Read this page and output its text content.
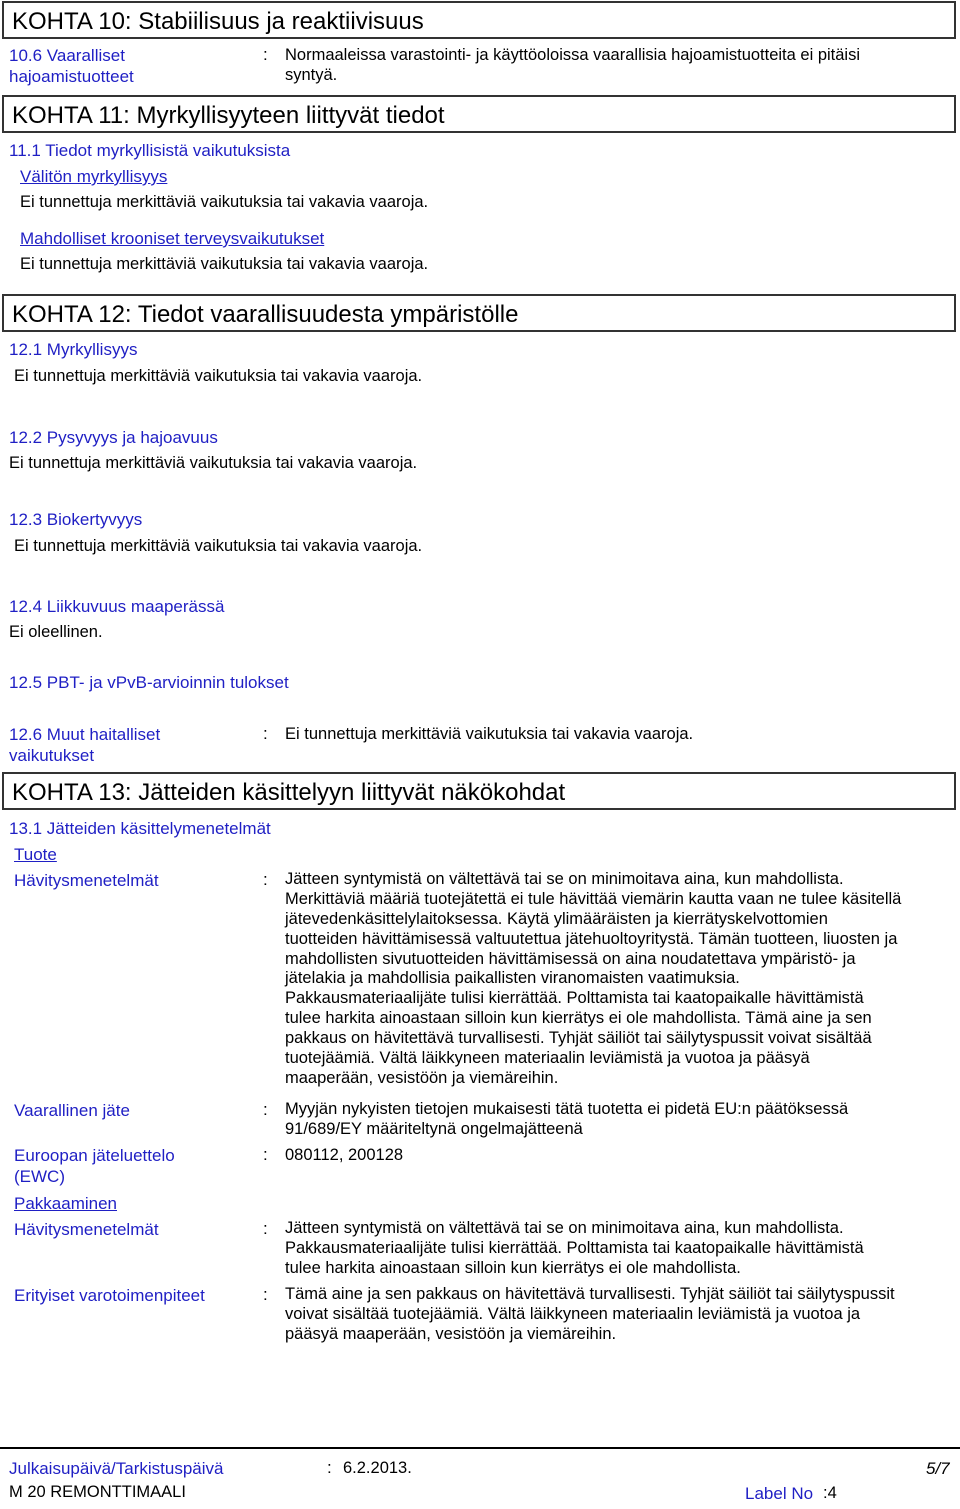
KOHTA 10: Stabiilisuus ja reaktiivisuus
10.6 Vaaralliset
hajoamistuotteet
: Normaaleissa varastointi- ja käyttöoloissa vaarallisia hajoamistuotteita ei pitäisi
syntyä.
KOHTA 11: Myrkyllisyyteen liittyvät tiedot
11.1 Tiedot myrkyllisistä vaikutuksista
Välitön myrkyllisyys
Ei tunnettuja merkittäviä vaikutuksia tai vakavia vaaroja.
Mahdolliset krooniset terveysvaikutukset
Ei tunnettuja merkittäviä vaikutuksia tai vakavia vaaroja.
KOHTA 12: Tiedot vaarallisuudesta ympäristölle
12.1 Myrkyllisyys
Ei tunnettuja merkittäviä vaikutuksia tai vakavia vaaroja.
12.2 Pysyvyys ja hajoavuus
Ei tunnettuja merkittäviä vaikutuksia tai vakavia vaaroja.
12.3 Biokertyvyys
Ei tunnettuja merkittäviä vaikutuksia tai vakavia vaaroja.
12.4 Liikkuvuus maaperässä
Ei oleellinen.
12.5 PBT- ja vPvB-arvioinnin tulokset
12.6 Muut haitalliset
vaikutukset
: Ei tunnettuja merkittäviä vaikutuksia tai vakavia vaaroja.
KOHTA 13: Jätteiden käsittelyyn liittyvät näkökohdat
13.1 Jätteiden käsittelymenetelmät
Tuote
Hävitysmenetelmät	: Jätteen syntymistä on vältettävä tai se on minimoitava aina, kun mahdollista.
Merkittäviä määriä tuotejätettä ei tule hävittää viemärin kautta vaan ne tulee käsitellä
jätevedenkäsittelylaitoksessa. Käytä ylimääräisten ja kierrätyskelvottomien
tuotteiden hävittämisessä valtuutettua jätehuoltoyritystä. Tämän tuotteen, liuosten ja
mahdollisten sivutuotteiden hävittämisessä on aina noudatettava ympäristö- ja
jätelakia ja mahdollisia paikallisten viranomaisten vaatimuksia.
Pakkausmateriaalijäte tulisi kierrättää. Polttamista tai kaatopaikalle hävittämistä
tulee harkita ainoastaan silloin kun kierrätys ei ole mahdollista. Tämä aine ja sen
pakkaus on hävitettävä turvallisesti. Tyhjät säiliöt tai säilytyspussit voivat sisältää
tuotejäämiä. Vältä läikkyneen materiaalin leviämistä ja vuotoa ja pääsyä
maaperään, vesistöön ja viemäreihin.
Vaarallinen jäte	: Myyjän nykyisten tietojen mukaisesti tätä tuotetta ei pidetä EU:n päätöksessä
91/689/EY määriteltynä ongelmajätteenä
Euroopan jäteluettelo
(EWC)
: 080112, 200128
Pakkaaminen
Hävitysmenetelmät	: Jätteen syntymistä on vältettävä tai se on minimoitava aina, kun mahdollista.
Pakkausmateriaalijäte tulisi kierrättää. Polttamista tai kaatopaikalle hävittämistä
tulee harkita ainoastaan silloin kun kierrätys ei ole mahdollista.
Erityiset varotoimenpiteet	: Tämä aine ja sen pakkaus on hävitettävä turvallisesti. Tyhjät säiliöt tai säilytyspussit
voivat sisältää tuotejäämiä. Vältä läikkyneen materiaalin leviämistä ja vuotoa ja
pääsyä maaperään, vesistöön ja viemäreihin.
Julkaisupäivä/Tarkistuspäivä	: 6.2.2013.	5/7
M 20 REMONTTIMAALI	Label No :4
